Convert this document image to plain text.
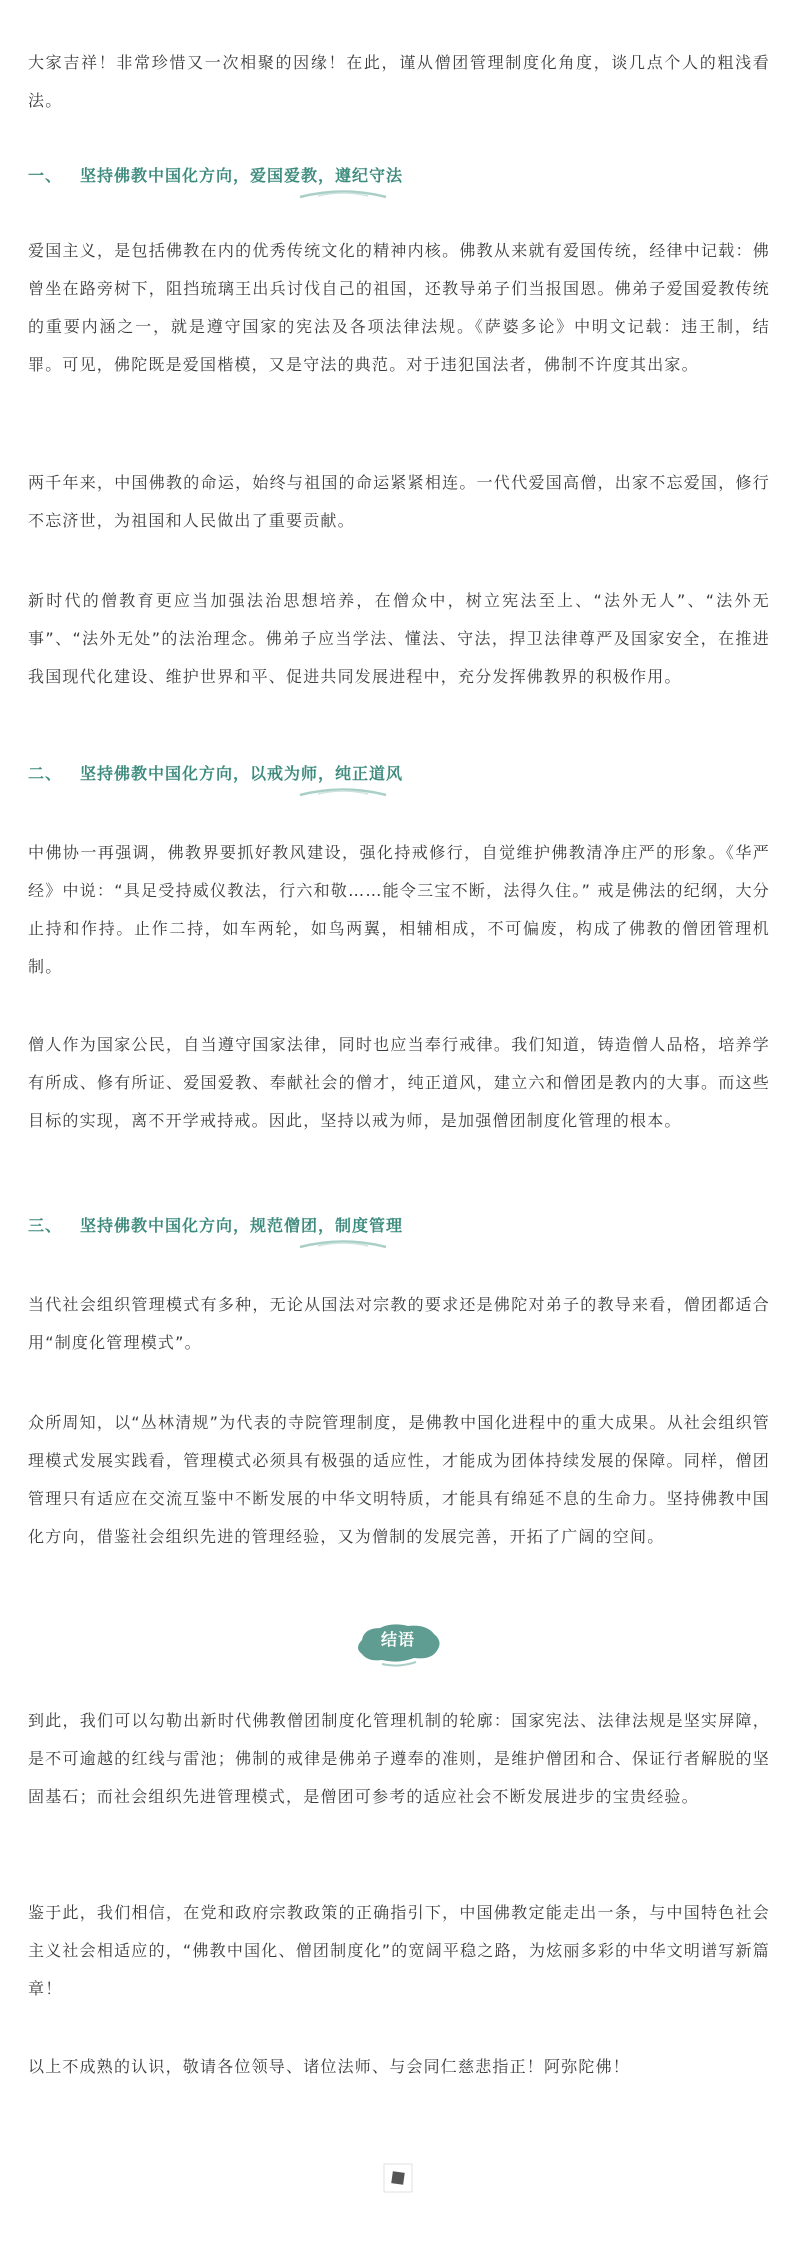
大家吉祥！非常珍惜又一次相聚的因缘！在此，谨从僧团管理制度化角度，谈几点个人的粗浅看法。

一、 坚持佛教中国化方向，爱国爱教，遵纪守法

爱国主义，是包括佛教在内的优秀传统文化的精神内核。佛教从来就有爱国传统，经律中记载：佛曾坐在路旁树下，阻挡琉璃王出兵讨伐自己的祖国，还教导弟子们当报国恩。佛弟子爱国爱教传统的重要内涵之一，就是遵守国家的宪法及各项法律法规。《萨婆多论》中明文记载：违王制，结罪。可见，佛陀既是爱国楷模，又是守法的典范。对于违犯国法者，佛制不许度其出家。

两千年来，中国佛教的命运，始终与祖国的命运紧紧相连。一代代爱国高僧，出家不忘爱国，修行不忘济世，为祖国和人民做出了重要贡献。

新时代的僧教育更应当加强法治思想培养，在僧众中，树立宪法至上、“法外无人”、“法外无事”、“法外无处”的法治理念。佛弟子应当学法、懂法、守法，捍卫法律尊严及国家安全，在推进我国现代化建设、维护世界和平、促进共同发展进程中，充分发挥佛教界的积极作用。

二、 坚持佛教中国化方向，以戒为师，纯正道风

中佛协一再强调，佛教界要抓好教风建设，强化持戒修行，自觉维护佛教清净庄严的形象。《华严经》中说：“具足受持威仪教法，行六和敬……能令三宝不断，法得久住。” 戒是佛法的纪纲，大分止持和作持。止作二持，如车两轮，如鸟两翼，相辅相成，不可偏废，构成了佛教的僧团管理机制。

僧人作为国家公民，自当遵守国家法律，同时也应当奉行戒律。我们知道，铸造僧人品格，培养学有所成、修有所证、爱国爱教、奉献社会的僧才，纯正道风，建立六和僧团是教内的大事。而这些目标的实现，离不开学戒持戒。因此，坚持以戒为师，是加强僧团制度化管理的根本。

三、 坚持佛教中国化方向，规范僧团，制度管理

当代社会组织管理模式有多种，无论从国法对宗教的要求还是佛陀对弟子的教导来看，僧团都适合用“制度化管理模式”。

众所周知，以“丛林清规”为代表的寺院管理制度，是佛教中国化进程中的重大成果。从社会组织管理模式发展实践看，管理模式必须具有极强的适应性，才能成为团体持续发展的保障。同样，僧团管理只有适应在交流互鉴中不断发展的中华文明特质，才能具有绵延不息的生命力。坚持佛教中国化方向，借鉴社会组织先进的管理经验，又为僧制的发展完善，开拓了广阔的空间。

结语

到此，我们可以勾勒出新时代佛教僧团制度化管理机制的轮廓：国家宪法、法律法规是坚实屏障，是不可逾越的红线与雷池；佛制的戒律是佛弟子遵奉的准则，是维护僧团和合、保证行者解脱的坚固基石；而社会组织先进管理模式，是僧团可参考的适应社会不断发展进步的宝贵经验。

鉴于此，我们相信，在党和政府宗教政策的正确指引下，中国佛教定能走出一条，与中国特色社会主义社会相适应的，“佛教中国化、僧团制度化”的宽阔平稳之路，为炫丽多彩的中华文明谱写新篇章！

以上不成熟的认识，敬请各位领导、诸位法师、与会同仁慈悲指正！阿弥陀佛！
